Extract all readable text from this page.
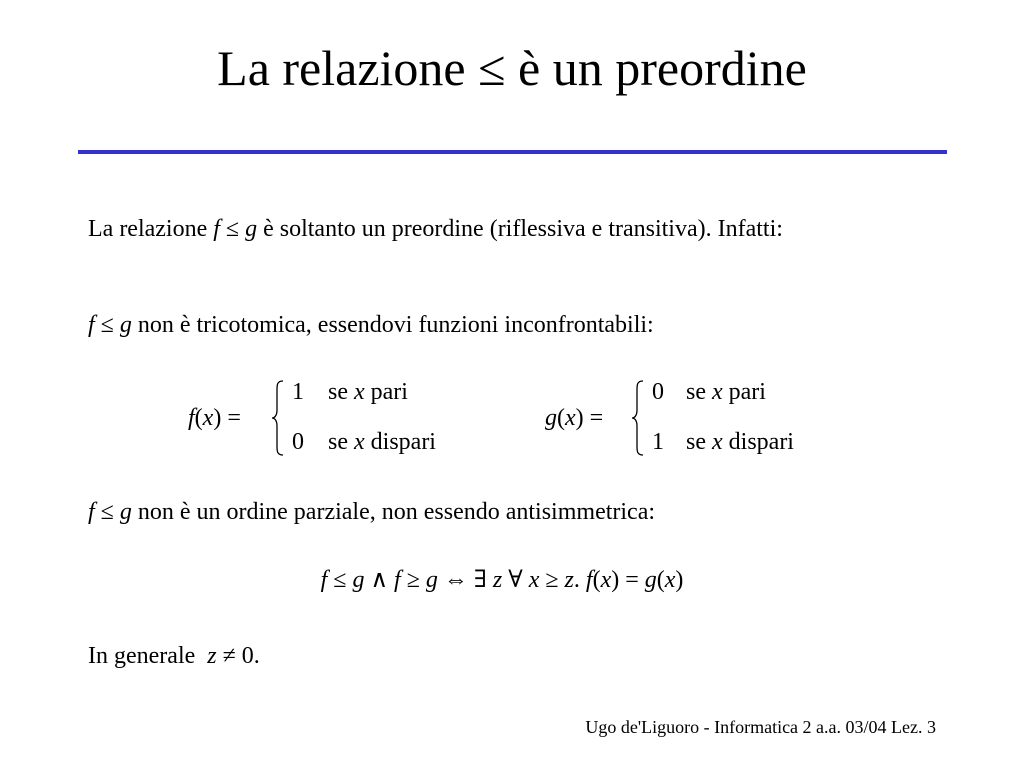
La relazione ≤ è un preordine
La relazione f ≤ g è soltanto un preordine (riflessiva e transitiva). Infatti:
f ≤ g non è tricotomica, essendovi funzioni inconfrontabili:
f(x) =
1 se x pari
0 se x dispari
g(x) =
0 se x pari
1 se x dispari
f ≤ g non è un ordine parziale, non essendo antisimmetrica:
f ≤ g ∧ f ≥ g ⇔ ∃ z ∀ x ≥ z. f(x) = g(x)
In generale  z ≠ 0.
Ugo de'Liguoro - Informatica 2 a.a. 03/04 Lez. 3
